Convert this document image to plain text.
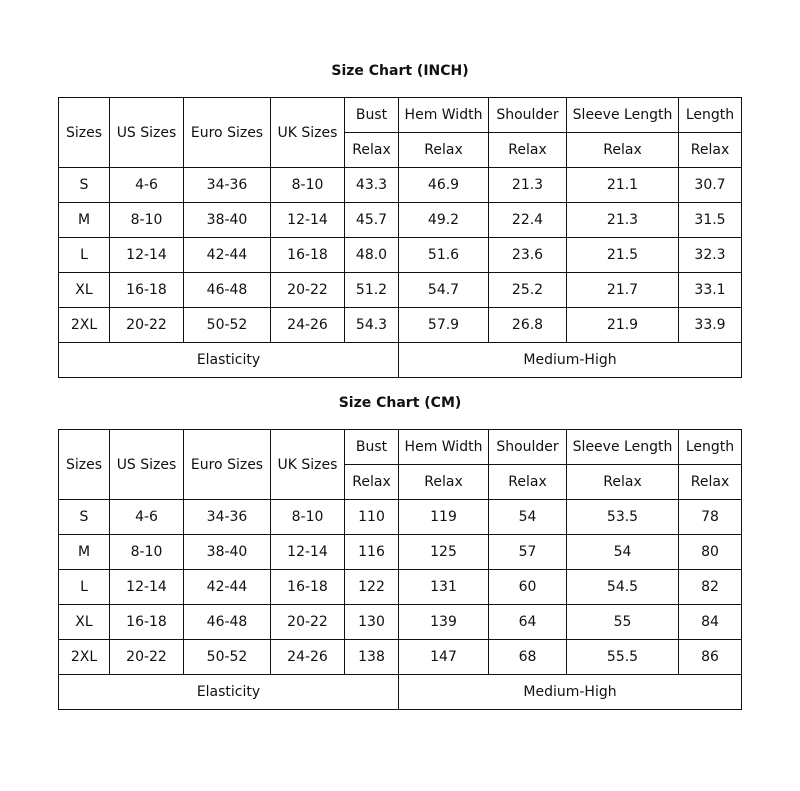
Size Chart (INCH)
Sizes	US Sizes	Euro Sizes	UK Sizes	Bust	Hem Width	Shoulder	Sleeve Length	Length
				Relax	Relax	Relax	Relax	Relax
S	4-6	34-36	8-10	43.3	46.9	21.3	21.1	30.7
M	8-10	38-40	12-14	45.7	49.2	22.4	21.3	31.5
L	12-14	42-44	16-18	48.0	51.6	23.6	21.5	32.3
XL	16-18	46-48	20-22	51.2	54.7	25.2	21.7	33.1
2XL	20-22	50-52	24-26	54.3	57.9	26.8	21.9	33.9
Elasticity					Medium-High			
Size Chart (CM)
Sizes	US Sizes	Euro Sizes	UK Sizes	Bust	Hem Width	Shoulder	Sleeve Length	Length
				Relax	Relax	Relax	Relax	Relax
S	4-6	34-36	8-10	110	119	54	53.5	78
M	8-10	38-40	12-14	116	125	57	54	80
L	12-14	42-44	16-18	122	131	60	54.5	82
XL	16-18	46-48	20-22	130	139	64	55	84
2XL	20-22	50-52	24-26	138	147	68	55.5	86
Elasticity					Medium-High			
